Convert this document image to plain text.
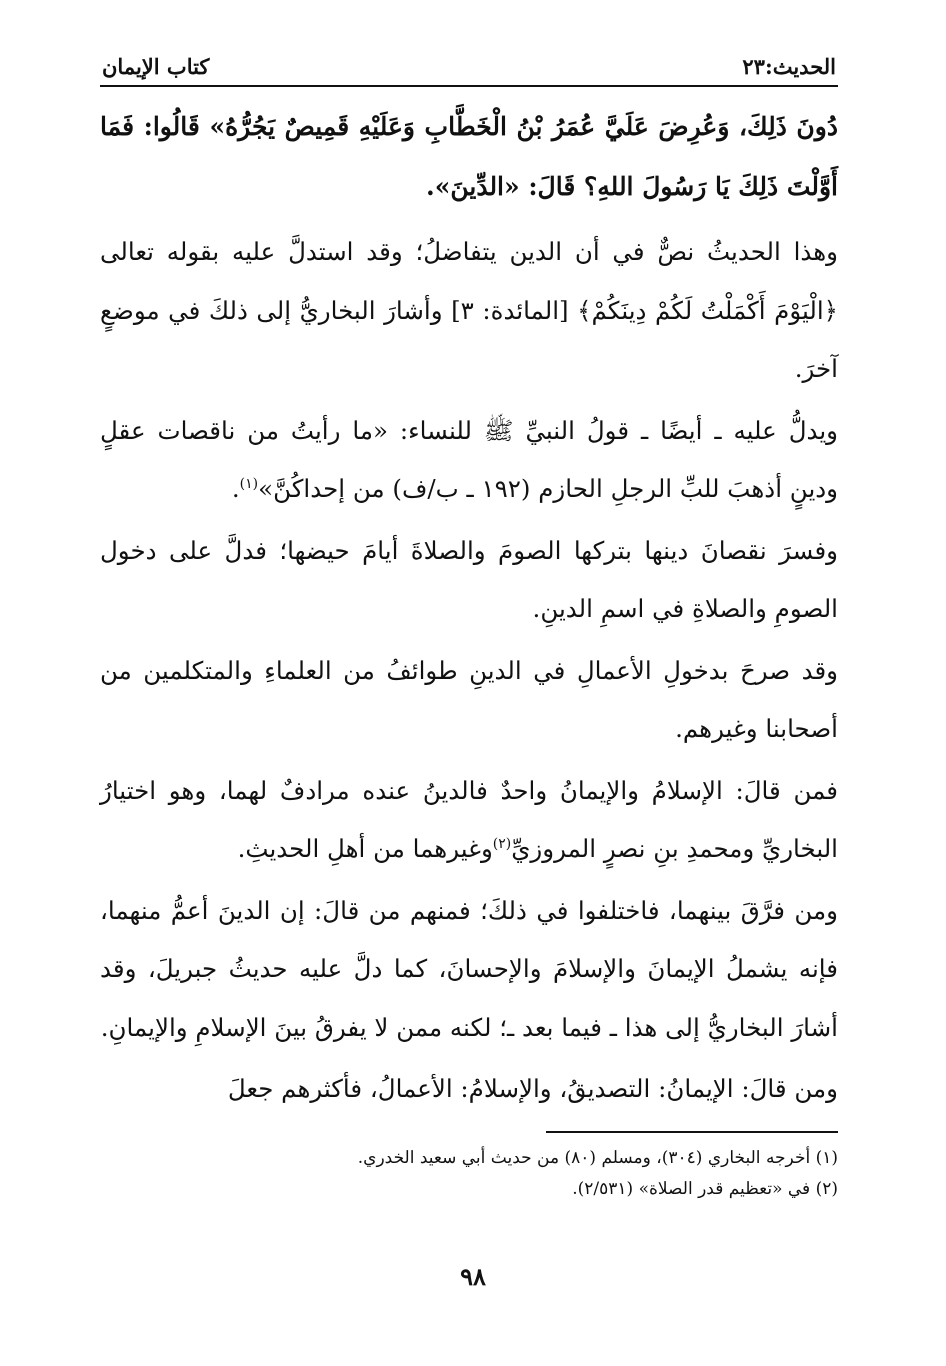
الحديث:٢٣
كتاب الإيمان

دُونَ ذَلِكَ، وَعُرِضَ عَلَيَّ عُمَرُ بْنُ الْخَطَّابِ وَعَلَيْهِ قَمِيصٌ يَجُرُّهُ» قَالُوا: فَمَا أَوَّلْتَ ذَلِكَ يَا رَسُولَ اللهِ؟ قَالَ: «الدِّينَ».

وهذا الحديثُ نصٌّ في أن الدين يتفاضلُ؛ وقد استدلَّ عليه بقوله تعالى ﴿الْيَوْمَ أَكْمَلْتُ لَكُمْ دِينَكُمْ﴾ [المائدة: ٣] وأشارَ البخاريُّ إلى ذلكَ في موضعٍ آخرَ.

ويدلُّ عليه ـ أيضًا ـ قولُ النبيِّ ﷺ للنساء: «ما رأيتُ من ناقصات عقلٍ ودينٍ أذهبَ للبِّ الرجلِ الحازم (١٩٢ ـ ب/ف) من إحداكُنَّ»$^{(١)}$.

وفسرَ نقصانَ دينها بتركها الصومَ والصلاةَ أيامَ حيضها؛ فدلَّ على دخول الصومِ والصلاةِ في اسمِ الدينِ.

وقد صرحَ بدخولِ الأعمالِ في الدينِ طوائفُ من العلماءِ والمتكلمين من أصحابنا وغيرهم.

فمن قالَ: الإسلامُ والإيمانُ واحدٌ فالدينُ عنده مرادفٌ لهما، وهو اختيارُ البخاريِّ ومحمدِ بنِ نصرٍ المروزيِّ$^{(٢)}$وغيرهما من أهلِ الحديثِ.

ومن فرَّقَ بينهما، فاختلفوا في ذلكَ؛ فمنهم من قالَ: إن الدينَ أعمُّ منهما، فإنه يشملُ الإيمانَ والإسلامَ والإحسانَ، كما دلَّ عليه حديثُ جبريلَ، وقد أشارَ البخاريُّ إلى هذا ـ فيما بعد ـ؛ لكنه ممن لا يفرقُ بينَ الإسلامِ والإيمانِ.

ومن قالَ: الإيمانُ: التصديقُ، والإسلامُ: الأعمالُ، فأكثرهم جعلَ

(١) أخرجه البخاري (٣٠٤)، ومسلم (٨٠) من حديث أبي سعيد الخدري.

(٢) في «تعظيم قدر الصلاة» (٢/٥٣١).

٩٨
